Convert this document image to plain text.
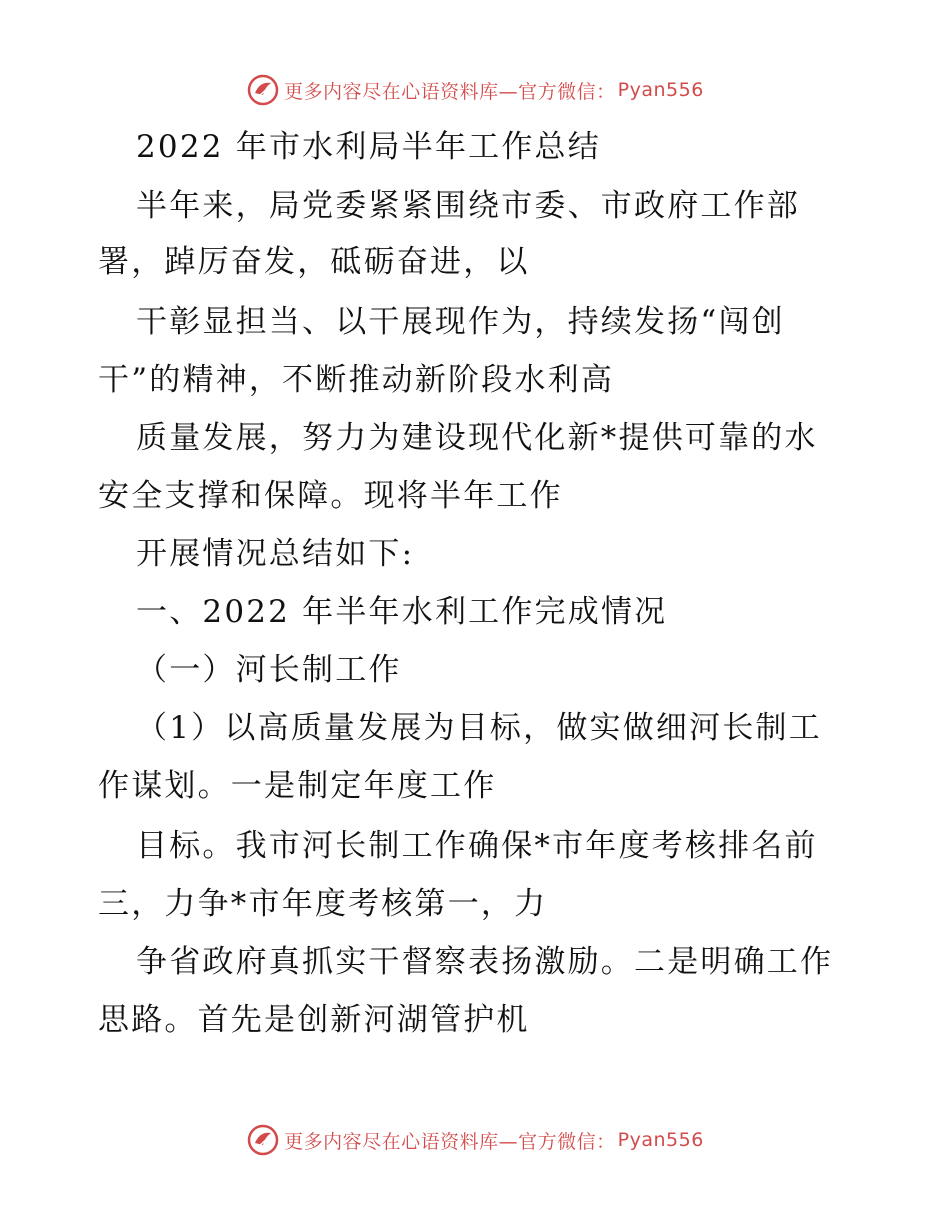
更多内容尽在心语资料库—官方微信： Pyan556
2022 年市水利局半年工作总结
半年来，局党委紧紧围绕市委、市政府工作部
署，踔厉奋发，砥砺奋进，以
干彰显担当、以干展现作为，持续发扬“闯创
干”的精神，不断推动新阶段水利高
质量发展，努力为建设现代化新*提供可靠的水
安全支撑和保障。现将半年工作
开展情况总结如下:
一、2022 年半年水利工作完成情况
（一）河长制工作
（1）以高质量发展为目标，做实做细河长制工
作谋划。一是制定年度工作
目标。我市河长制工作确保*市年度考核排名前
三，力争*市年度考核第一，力
争省政府真抓实干督察表扬激励。二是明确工作
思路。首先是创新河湖管护机
更多内容尽在心语资料库—官方微信： Pyan556
